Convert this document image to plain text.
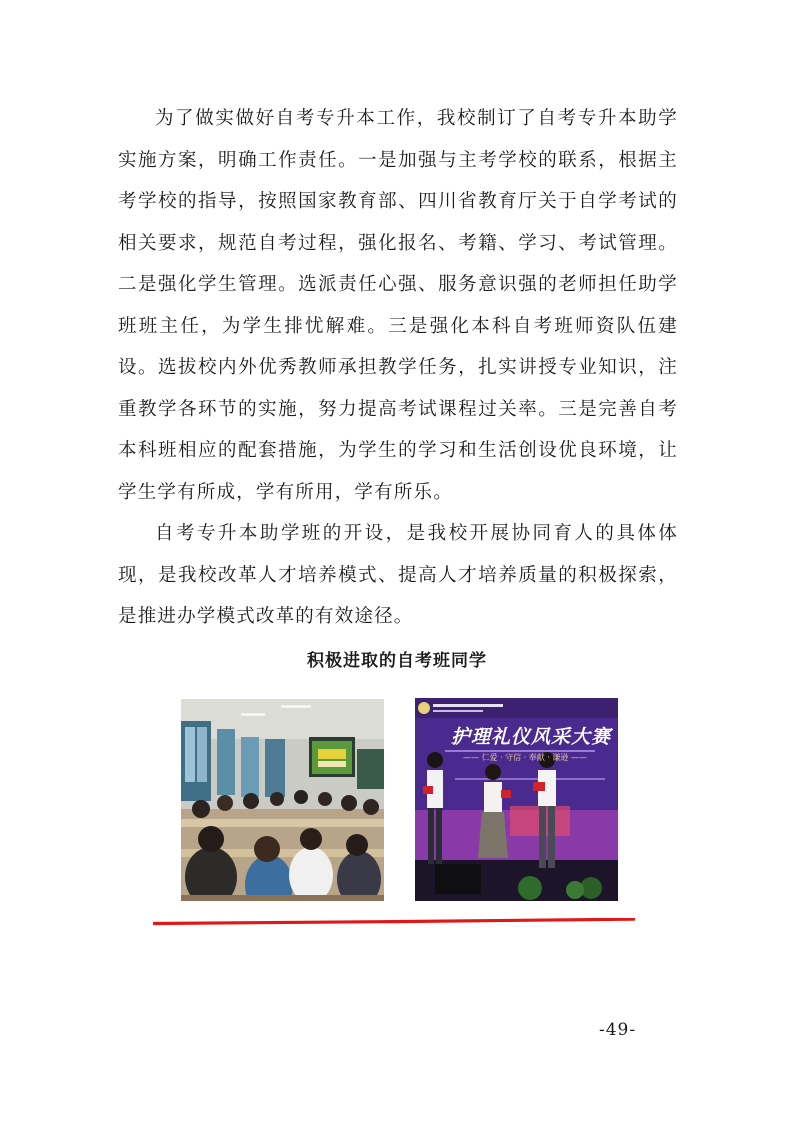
为了做实做好自考专升本工作，我校制订了自考专升本助学实施方案，明确工作责任。一是加强与主考学校的联系，根据主考学校的指导，按照国家教育部、四川省教育厅关于自学考试的相关要求，规范自考过程，强化报名、考籍、学习、考试管理。二是强化学生管理。选派责任心强、服务意识强的老师担任助学班班主任，为学生排忧解难。三是强化本科自考班师资队伍建设。选拔校内外优秀教师承担教学任务，扎实讲授专业知识，注重教学各环节的实施，努力提高考试课程过关率。三是完善自考本科班相应的配套措施，为学生的学习和生活创设优良环境，让学生学有所成，学有所用，学有所乐。

自考专升本助学班的开设，是我校开展协同育人的具体体现，是我校改革人才培养模式、提高人才培养质量的积极探索，是推进办学模式改革的有效途径。

积极进取的自考班同学
护理礼仪风采大赛
—— 仁爱 · 守信 · 奉献 · 谦逊 ——
-49-
